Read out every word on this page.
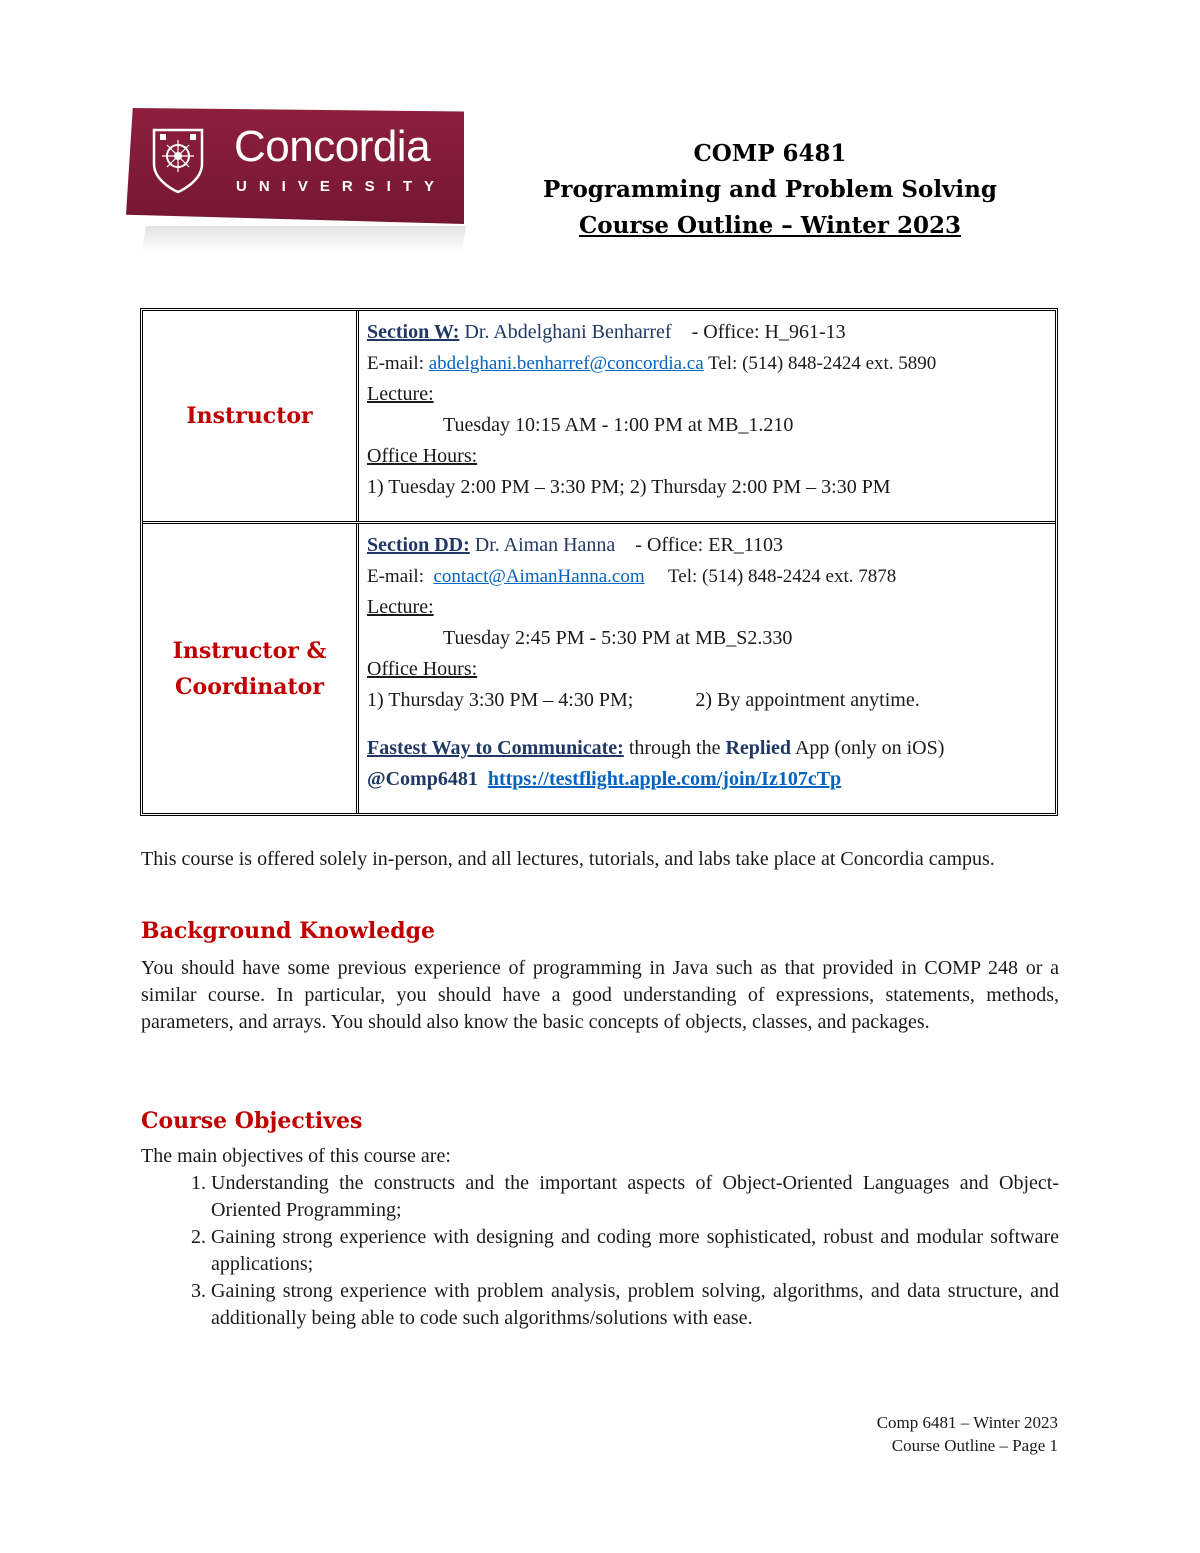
Concordia
UNIVERSITY
COMP 6481
Programming and Problem Solving
Course Outline – Winter 2023
Instructor
Section W: Dr. Abdelghani Benharref - Office: H_961-13
E-mail: abdelghani.benharref@concordia.ca Tel: (514) 848-2424 ext. 5890
Lecture:
Tuesday 10:15 AM - 1:00 PM at MB_1.210
Office Hours:
1) Tuesday 2:00 PM – 3:30 PM; 2) Thursday 2:00 PM – 3:30 PM
Instructor &
Coordinator
Section DD: Dr. Aiman Hanna - Office: ER_1103
E-mail: contact@AimanHanna.com Tel: (514) 848-2424 ext. 7878
Lecture:
Tuesday 2:45 PM - 5:30 PM at MB_S2.330
Office Hours:
1) Thursday 3:30 PM – 4:30 PM;	2) By appointment anytime.
Fastest Way to Communicate: through the Replied App (only on iOS)
@Comp6481 https://testflight.apple.com/join/Iz107cTp
This course is offered solely in-person, and all lectures, tutorials, and labs take place at Concordia campus.
Background Knowledge
You should have some previous experience of programming in Java such as that provided in COMP 248 or a similar course. In particular, you should have a good understanding of expressions, statements, methods, parameters, and arrays. You should also know the basic concepts of objects, classes, and packages.
Course Objectives
The main objectives of this course are:
1. Understanding the constructs and the important aspects of Object-Oriented Languages and Object-Oriented Programming;
2. Gaining strong experience with designing and coding more sophisticated, robust and modular software applications;
3. Gaining strong experience with problem analysis, problem solving, algorithms, and data structure, and additionally being able to code such algorithms/solutions with ease.
Comp 6481 – Winter 2023
Course Outline – Page 1
